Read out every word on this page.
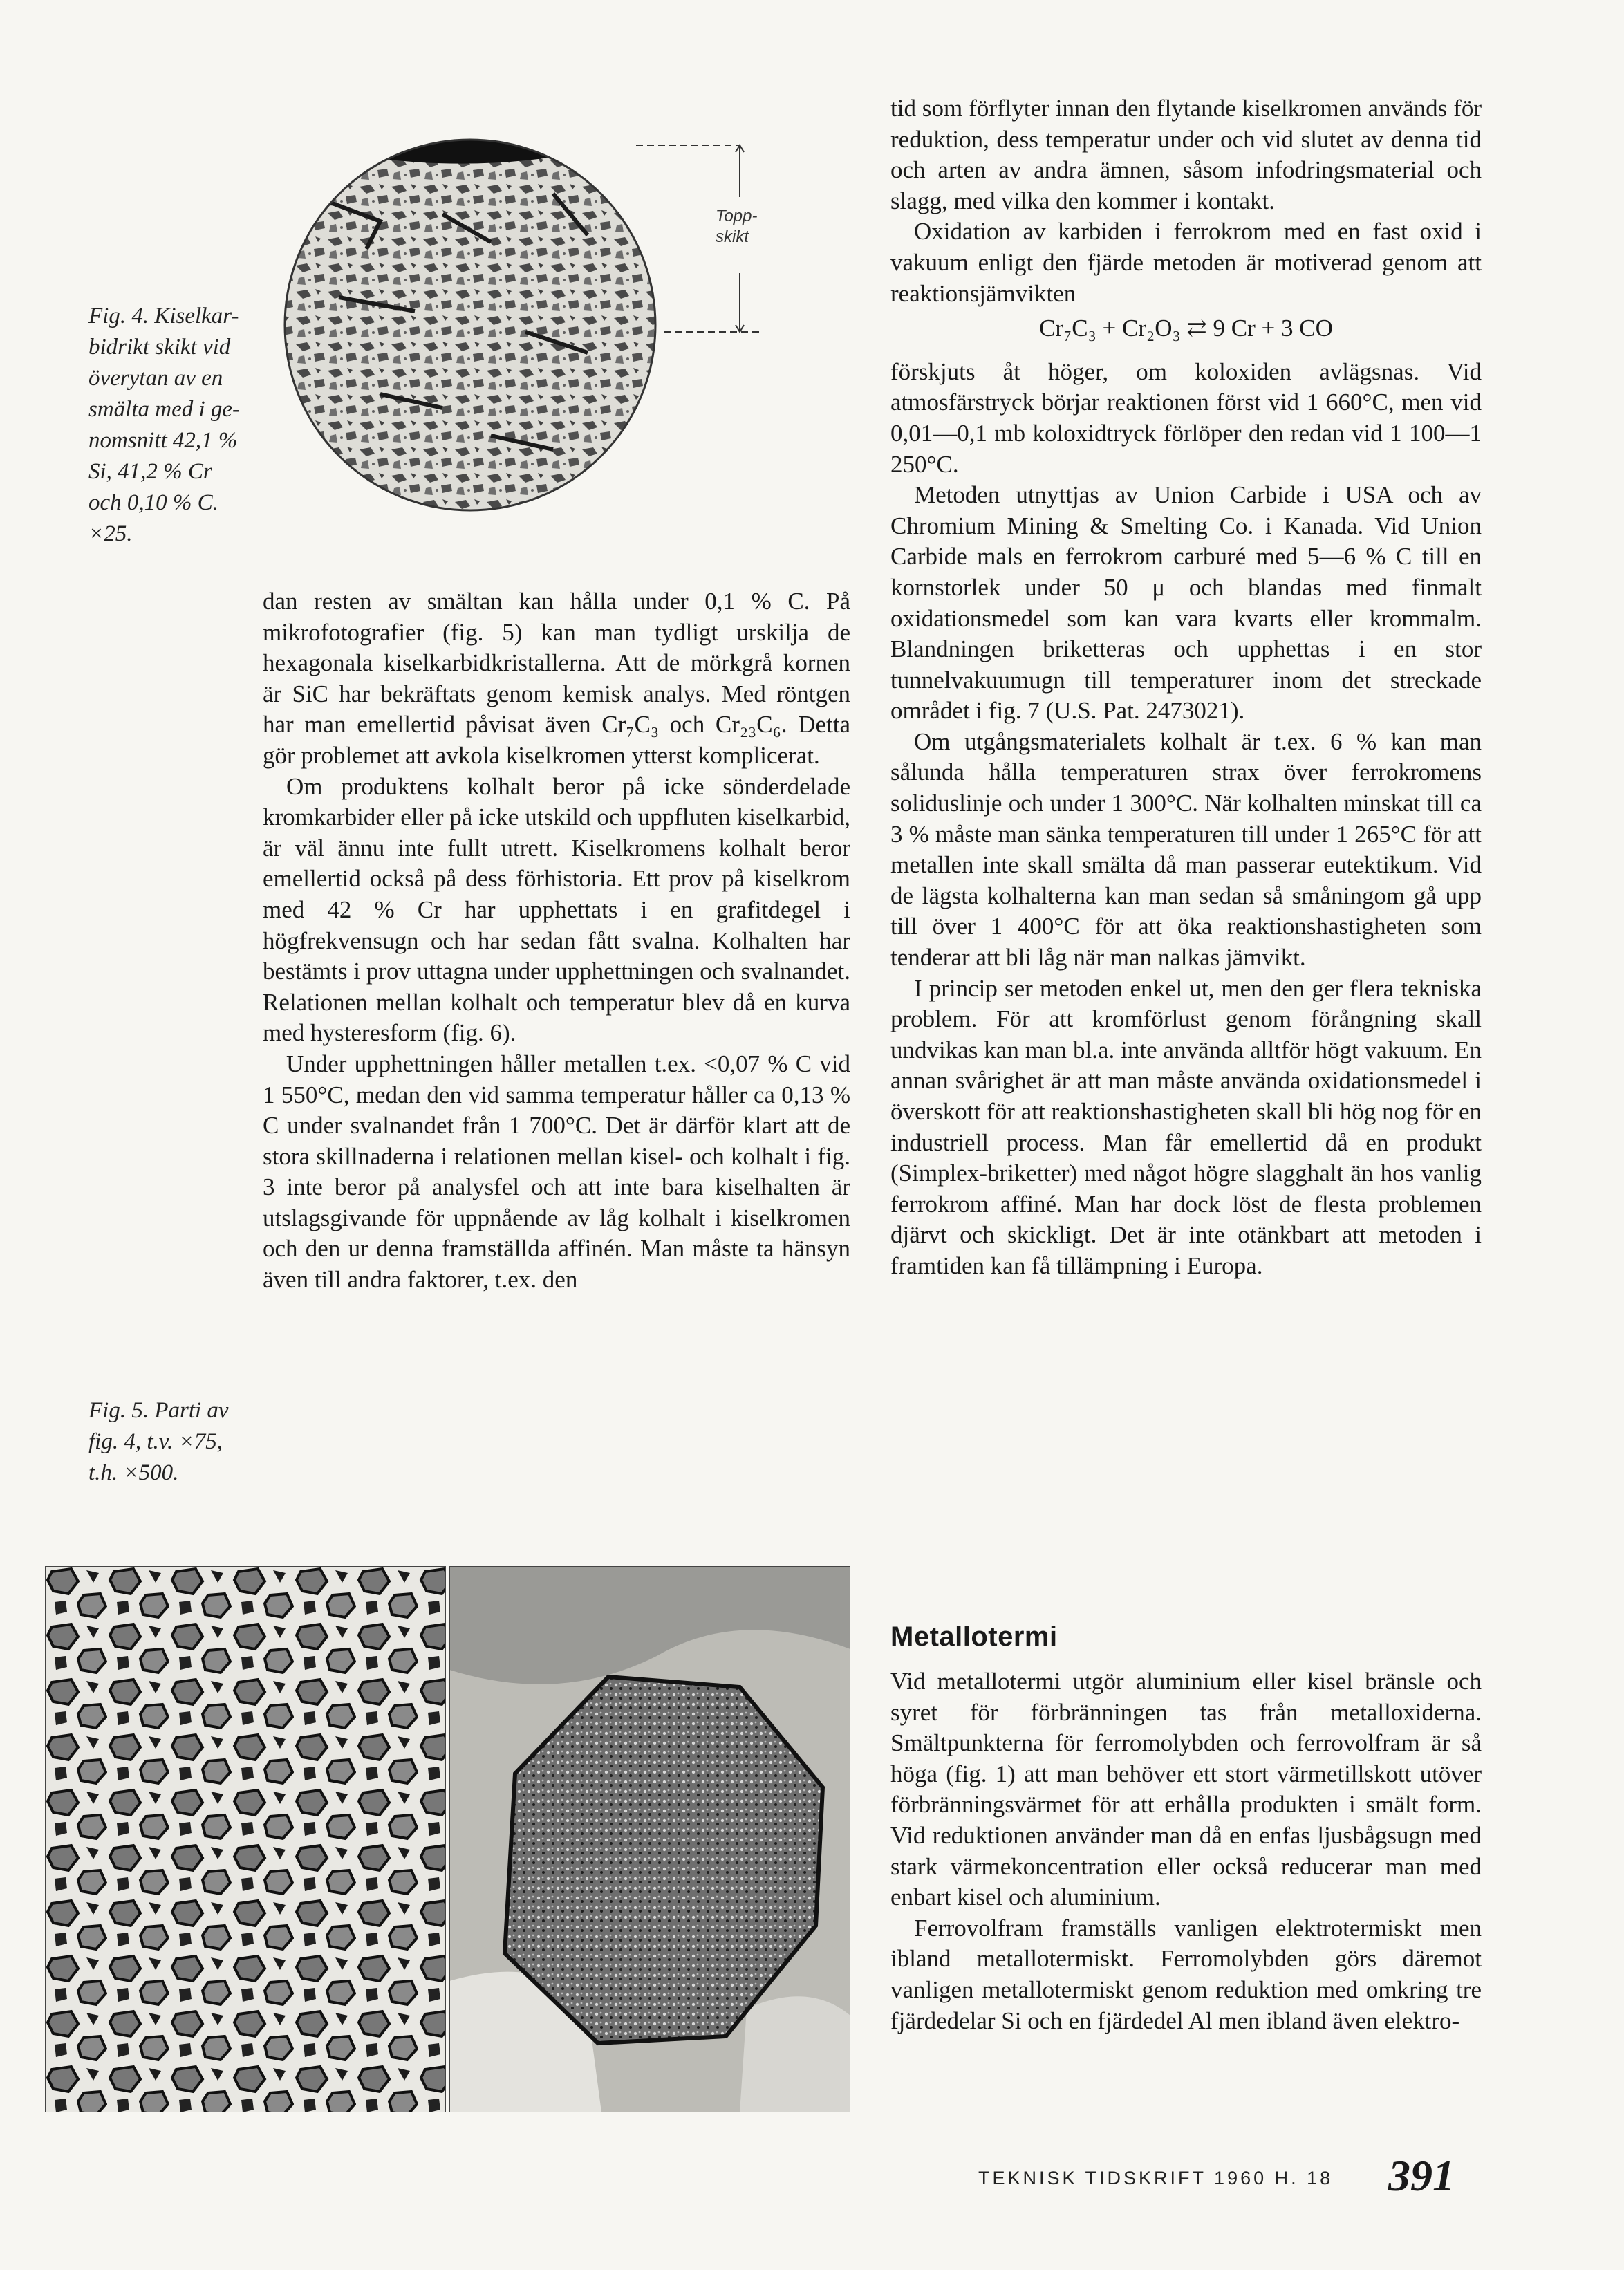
Topp-
skikt
Fig. 4. Kiselkar-
bidrikt skikt vid
överytan av en
smälta med i ge-
nomsnitt 42,1 %
Si, 41,2 % Cr
och 0,10 % C.
×25.
Fig. 5. Parti av
fig. 4, t.v. ×75,
t.h. ×500.

dan resten av smältan kan hålla under 0,1 % C. På mikrofotografier (fig. 5) kan man tydligt urskilja de hexagonala kiselkarbidkristallerna. Att de mörkgrå kornen är SiC har bekräftats genom kemisk analys. Med röntgen har man emellertid påvisat även Cr₇C₃ och Cr₂₃C₆. Detta gör problemet att avkola kiselkromen ytterst komplicerat.

Om produktens kolhalt beror på icke sönderdelade kromkarbider eller på icke utskild och uppfluten kiselkarbid, är väl ännu inte fullt utrett. Kiselkromens kolhalt beror emellertid också på dess förhistoria. Ett prov på kiselkrom med 42 % Cr har upphettats i en grafitdegel i högfrekvensugn och har sedan fått svalna. Kolhalten har bestämts i prov uttagna under upphettningen och svalnandet. Relationen mellan kolhalt och temperatur blev då en kurva med hysteresform (fig. 6).

Under upphettningen håller metallen t.ex. <0,07 % C vid 1 550°C, medan den vid samma temperatur håller ca 0,13 % C under svalnandet från 1 700°C. Det är därför klart att de stora skillnaderna i relationen mellan kisel- och kolhalt i fig. 3 inte beror på analysfel och att inte bara kiselhalten är utslagsgivande för uppnående av låg kolhalt i kiselkromen och den ur denna framställda affinén. Man måste ta hänsyn även till andra faktorer, t.ex. den

tid som förflyter innan den flytande kiselkromen används för reduktion, dess temperatur under och vid slutet av denna tid och arten av andra ämnen, såsom infodringsmaterial och slagg, med vilka den kommer i kontakt.

Oxidation av karbiden i ferrokrom med en fast oxid i vakuum enligt den fjärde metoden är motiverad genom att reaktionsjämvikten

Cr₇C₃ + Cr₂O₃ ⇄ 9 Cr + 3 CO

förskjuts åt höger, om koloxiden avlägsnas. Vid atmosfärstryck börjar reaktionen först vid 1 660°C, men vid 0,01—0,1 mb koloxidtryck förlöper den redan vid 1 100—1 250°C.

Metoden utnyttjas av Union Carbide i USA och av Chromium Mining & Smelting Co. i Kanada. Vid Union Carbide mals en ferrokrom carburé med 5—6 % C till en kornstorlek under 50 μ och blandas med finmalt oxidationsmedel som kan vara kvarts eller krommalm. Blandningen briketteras och upphettas i en stor tunnelvakuumugn till temperaturer inom det streckade området i fig. 7 (U.S. Pat. 2473021).

Om utgångsmaterialets kolhalt är t.ex. 6 % kan man sålunda hålla temperaturen strax över ferrokromens soliduslinje och under 1 300°C. När kolhalten minskat till ca 3 % måste man sänka temperaturen till under 1 265°C för att metallen inte skall smälta då man passerar eutektikum. Vid de lägsta kolhalterna kan man sedan så småningom gå upp till över 1 400°C för att öka reaktionshastigheten som tenderar att bli låg när man nalkas jämvikt.

I princip ser metoden enkel ut, men den ger flera tekniska problem. För att kromförlust genom förångning skall undvikas kan man bl.a. inte använda alltför högt vakuum. En annan svårighet är att man måste använda oxidationsmedel i överskott för att reaktionshastigheten skall bli hög nog för en industriell process. Man får emellertid då en produkt (Simplex-briketter) med något högre slagghalt än hos vanlig ferrokrom affiné. Man har dock löst de flesta problemen djärvt och skickligt. Det är inte otänkbart att metoden i framtiden kan få tillämpning i Europa.

Metallotermi

Vid metallotermi utgör aluminium eller kisel bränsle och syret för förbränningen tas från metalloxiderna. Smältpunkterna för ferromolybden och ferrovolfram är så höga (fig. 1) att man behöver ett stort värmetillskott utöver förbränningsvärmet för att erhålla produkten i smält form. Vid reduktionen använder man då en enfas ljusbågsugn med stark värmekoncentration eller också reducerar man med enbart kisel och aluminium.

Ferrovolfram framställs vanligen elektrotermiskt men ibland metallotermiskt. Ferromolybden görs däremot vanligen metallotermiskt genom reduktion med omkring tre fjärdedelar Si och en fjärdedel Al men ibland även elektro-

TEKNISK TIDSKRIFT 1960 H. 18 391
